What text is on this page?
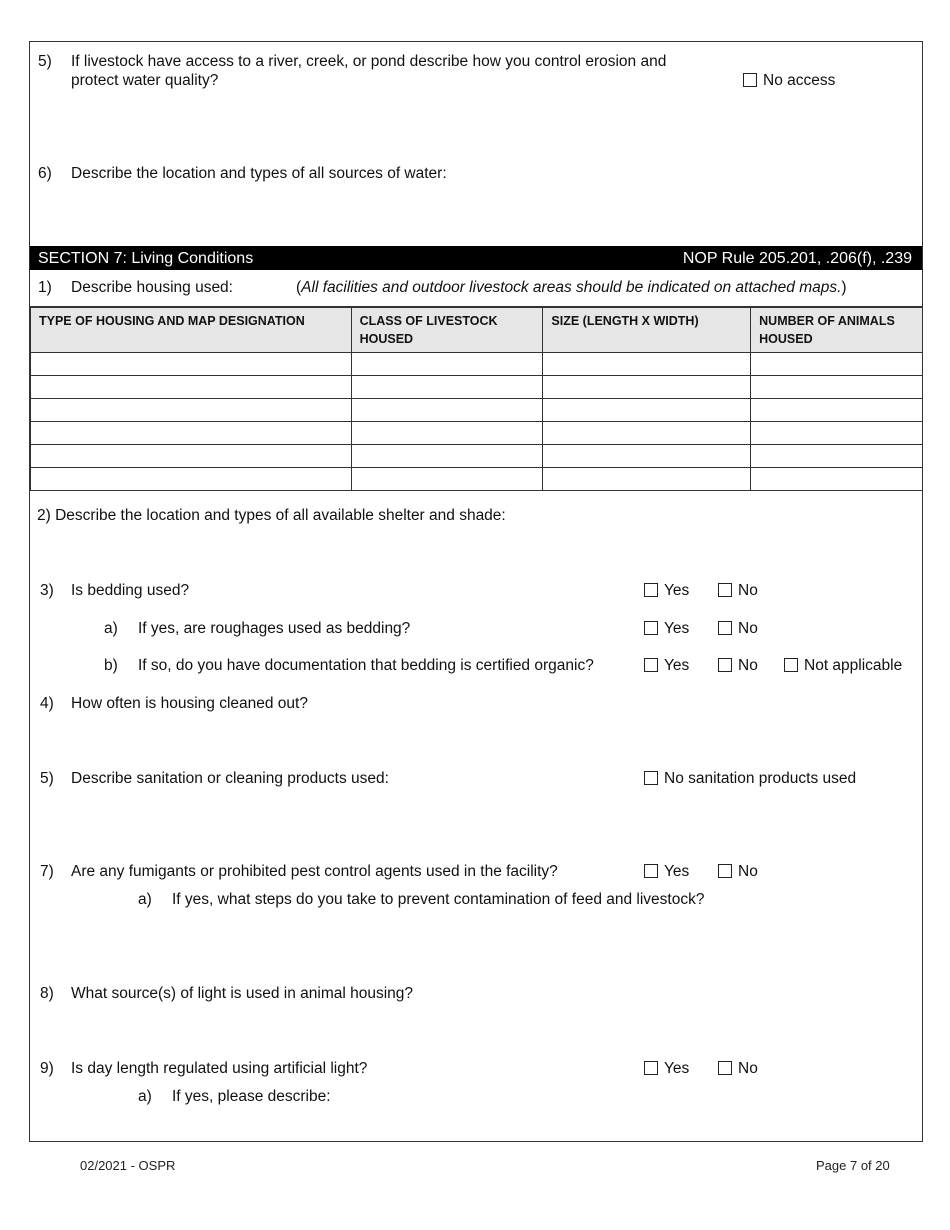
5) If livestock have access to a river, creek, or pond describe how you control erosion and
protect water quality?	No access
6) Describe the location and types of all sources of water:
SECTION 7: Living Conditions	NOP Rule 205.201, .206(f), .239
1) Describe housing used:	(All facilities and outdoor livestock areas should be indicated on attached maps.)
TYPE OF HOUSING AND MAP DESIGNATION	CLASS OF LIVESTOCK HOUSED	SIZE (LENGTH X WIDTH)	NUMBER OF ANIMALS HOUSED

2) Describe the location and types of all available shelter and shade:
3) Is bedding used?	Yes	No
a) If yes, are roughages used as bedding?	Yes	No
b) If so, do you have documentation that bedding is certified organic?	Yes	No	Not applicable
4) How often is housing cleaned out?
5) Describe sanitation or cleaning products used:	No sanitation products used
7) Are any fumigants or prohibited pest control agents used in the facility?	Yes	No
a) If yes, what steps do you take to prevent contamination of feed and livestock?
8) What source(s) of light is used in animal housing?
9) Is day length regulated using artificial light?	Yes	No
a) If yes, please describe:
02/2021 - OSPR	Page 7 of 20
